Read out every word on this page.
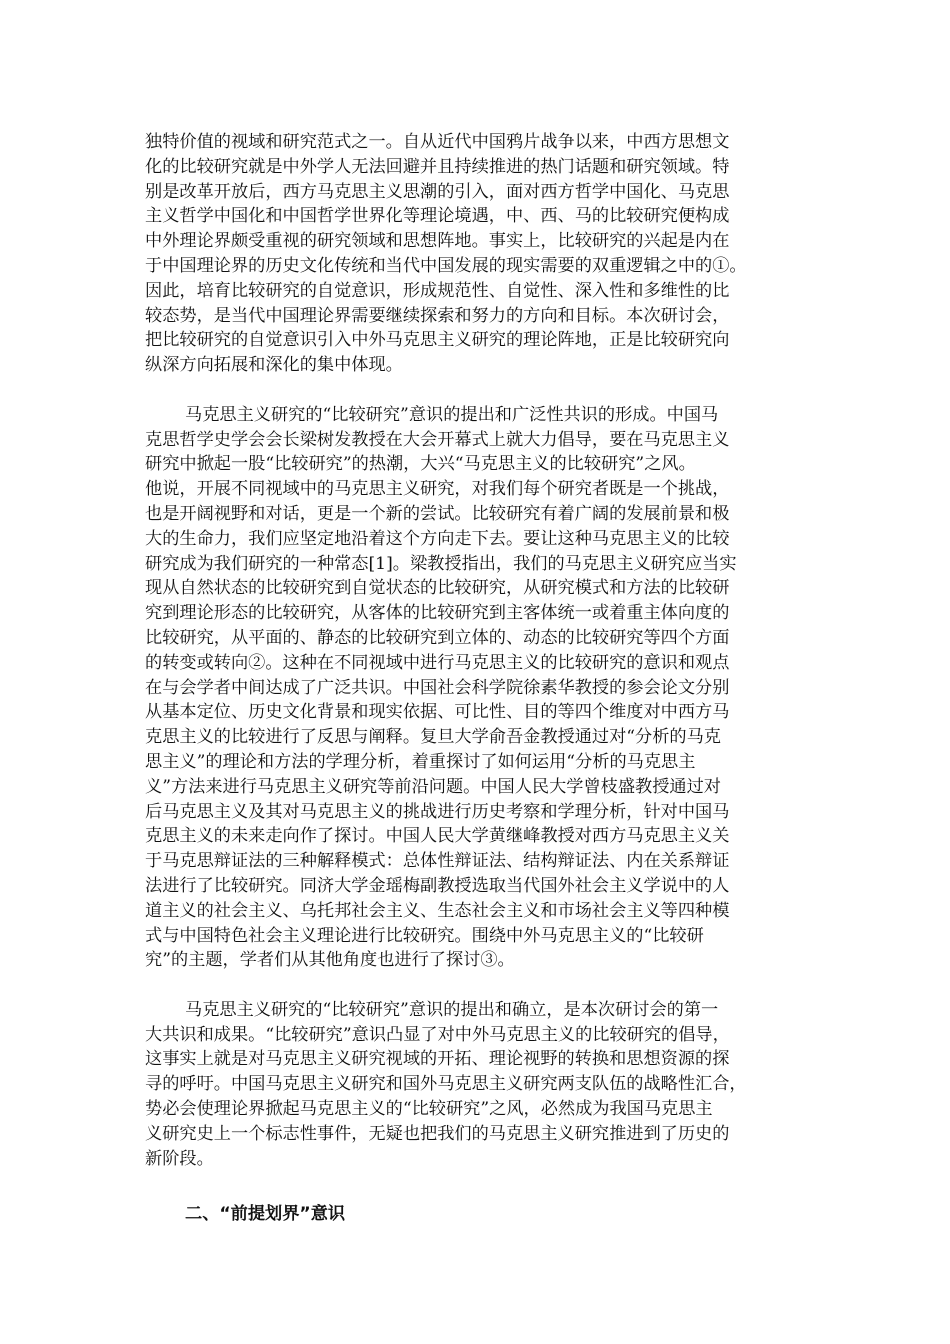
独特价值的视域和研究范式之一。自从近代中国鸦片战争以来，中西方思想文
化的比较研究就是中外学人无法回避并且持续推进的热门话题和研究领域。特
别是改革开放后，西方马克思主义思潮的引入，面对西方哲学中国化、马克思
主义哲学中国化和中国哲学世界化等理论境遇，中、西、马的比较研究便构成
中外理论界颇受重视的研究领域和思想阵地。事实上，比较研究的兴起是内在
于中国理论界的历史文化传统和当代中国发展的现实需要的双重逻辑之中的①。
因此，培育比较研究的自觉意识，形成规范性、自觉性、深入性和多维性的比
较态势，是当代中国理论界需要继续探索和努力的方向和目标。本次研讨会，
把比较研究的自觉意识引入中外马克思主义研究的理论阵地，正是比较研究向
纵深方向拓展和深化的集中体现。
马克思主义研究的“比较研究”意识的提出和广泛性共识的形成。中国马
克思哲学史学会会长梁树发教授在大会开幕式上就大力倡导，要在马克思主义
研究中掀起一股“比较研究”的热潮，大兴“马克思主义的比较研究”之风。
他说，开展不同视域中的马克思主义研究，对我们每个研究者既是一个挑战，
也是开阔视野和对话，更是一个新的尝试。比较研究有着广阔的发展前景和极
大的生命力，我们应坚定地沿着这个方向走下去。要让这种马克思主义的比较
研究成为我们研究的一种常态[1]。梁教授指出，我们的马克思主义研究应当实
现从自然状态的比较研究到自觉状态的比较研究，从研究模式和方法的比较研
究到理论形态的比较研究，从客体的比较研究到主客体统一或着重主体向度的
比较研究，从平面的、静态的比较研究到立体的、动态的比较研究等四个方面
的转变或转向②。这种在不同视域中进行马克思主义的比较研究的意识和观点
在与会学者中间达成了广泛共识。中国社会科学院徐素华教授的参会论文分别
从基本定位、历史文化背景和现实依据、可比性、目的等四个维度对中西方马
克思主义的比较进行了反思与阐释。复旦大学俞吾金教授通过对“分析的马克
思主义”的理论和方法的学理分析，着重探讨了如何运用“分析的马克思主
义”方法来进行马克思主义研究等前沿问题。中国人民大学曾枝盛教授通过对
后马克思主义及其对马克思主义的挑战进行历史考察和学理分析，针对中国马
克思主义的未来走向作了探讨。中国人民大学黄继峰教授对西方马克思主义关
于马克思辩证法的三种解释模式：总体性辩证法、结构辩证法、内在关系辩证
法进行了比较研究。同济大学金瑶梅副教授选取当代国外社会主义学说中的人
道主义的社会主义、乌托邦社会主义、生态社会主义和市场社会主义等四种模
式与中国特色社会主义理论进行比较研究。围绕中外马克思主义的“比较研
究”的主题，学者们从其他角度也进行了探讨③。
马克思主义研究的“比较研究”意识的提出和确立，是本次研讨会的第一
大共识和成果。“比较研究”意识凸显了对中外马克思主义的比较研究的倡导，
这事实上就是对马克思主义研究视域的开拓、理论视野的转换和思想资源的探
寻的呼吁。中国马克思主义研究和国外马克思主义研究两支队伍的战略性汇合，
势必会使理论界掀起马克思主义的“比较研究”之风，必然成为我国马克思主
义研究史上一个标志性事件，无疑也把我们的马克思主义研究推进到了历史的
新阶段。
二、“前提划界”意识
